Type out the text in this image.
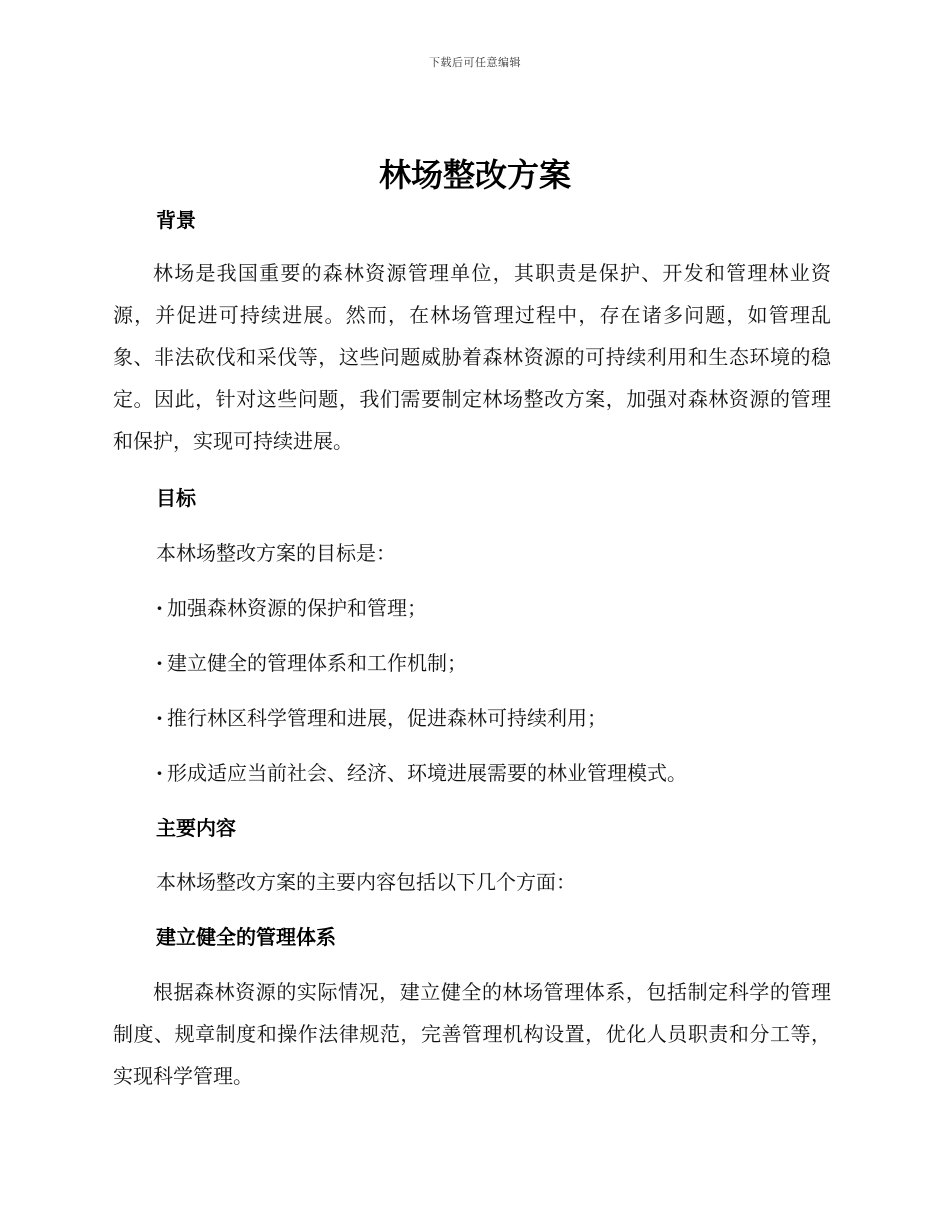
下载后可任意编辑
林场整改方案
背景

林场是我国重要的森林资源管理单位，其职责是保护、开发和管理林业资源，并促进可持续进展。然而，在林场管理过程中，存在诸多问题，如管理乱象、非法砍伐和采伐等，这些问题威胁着森林资源的可持续利用和生态环境的稳定。因此，针对这些问题，我们需要制定林场整改方案，加强对森林资源的管理和保护，实现可持续进展。

目标
本林场整改方案的目标是：
· 加强森林资源的保护和管理；
· 建立健全的管理体系和工作机制；
· 推行林区科学管理和进展，促进森林可持续利用；
· 形成适应当前社会、经济、环境进展需要的林业管理模式。
主要内容
本林场整改方案的主要内容包括以下几个方面：
建立健全的管理体系

根据森林资源的实际情况，建立健全的林场管理体系，包括制定科学的管理制度、规章制度和操作法律规范，完善管理机构设置，优化人员职责和分工等，实现科学管理。
